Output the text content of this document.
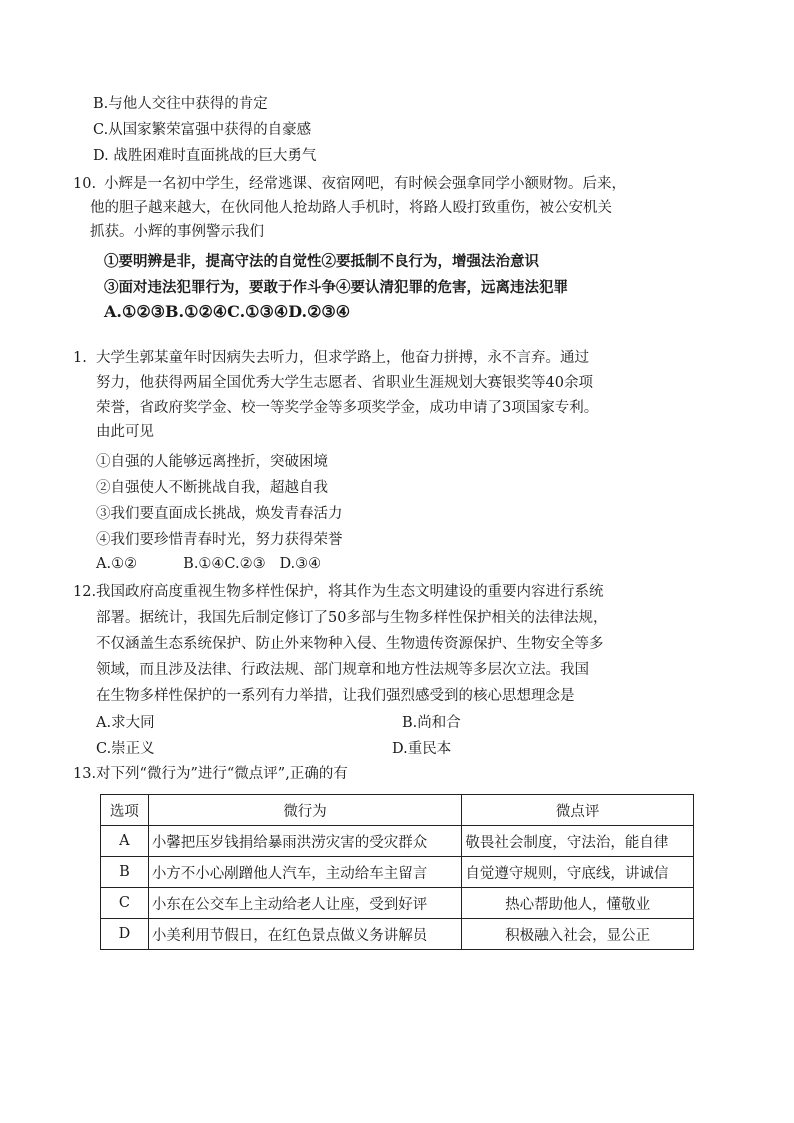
B.与他人交往中获得的肯定
C.从国家繁荣富强中获得的自豪感
D. 战胜困难时直面挑战的巨大勇气
10. 小辉是一名初中学生，经常逃课、夜宿网吧，有时候会强拿同学小额财物。后来，
他的胆子越来越大，在伙同他人抢劫路人手机时，将路人殴打致重伤，被公安机关
抓获。小辉的事例警示我们
①要明辨是非，提高守法的自觉性②要抵制不良行为，增强法治意识
③面对违法犯罪行为，要敢于作斗争④要认清犯罪的危害，远离违法犯罪
A.①②③B.①②④C.①③④D.②③④
1. 大学生郭某童年时因病失去听力，但求学路上，他奋力拼搏，永不言弃。通过
努力，他获得两届全国优秀大学生志愿者、省职业生涯规划大赛银奖等40余项
荣誉，省政府奖学金、校一等奖学金等多项奖学金，成功申请了3项国家专利。
由此可见
①自强的人能够远离挫折，突破困境
②自强使人不断挑战自我，超越自我
③我们要直面成长挑战，焕发青春活力
④我们要珍惜青春时光，努力获得荣誉
A.①②          B.①④C.②③   D.③④
12. 我国政府高度重视生物多样性保护，将其作为生态文明建设的重要内容进行系统
部署。据统计，我国先后制定修订了50多部与生物多样性保护相关的法律法规，
不仅涵盖生态系统保护、防止外来物种入侵、生物遗传资源保护、生物安全等多
领域，而且涉及法律、行政法规、部门规章和地方性法规等多层次立法。我国
在生物多样性保护的一系列有力举措，让我们强烈感受到的核心思想理念是
A.求大同	B.尚和合
C.崇正义	D.重民本
13.对下列“微行为”进行“微点评”,正确的有
选项	微行为	微点评
A	小馨把压岁钱捐给暴雨洪涝灾害的受灾群众	敬畏社会制度，守法治，能自律
B	小方不小心剐蹭他人汽车，主动给车主留言	自觉遵守规则，守底线，讲诚信
C	小东在公交车上主动给老人让座，受到好评	热心帮助他人，懂敬业
D	小美利用节假日，在红色景点做义务讲解员	积极融入社会，显公正
